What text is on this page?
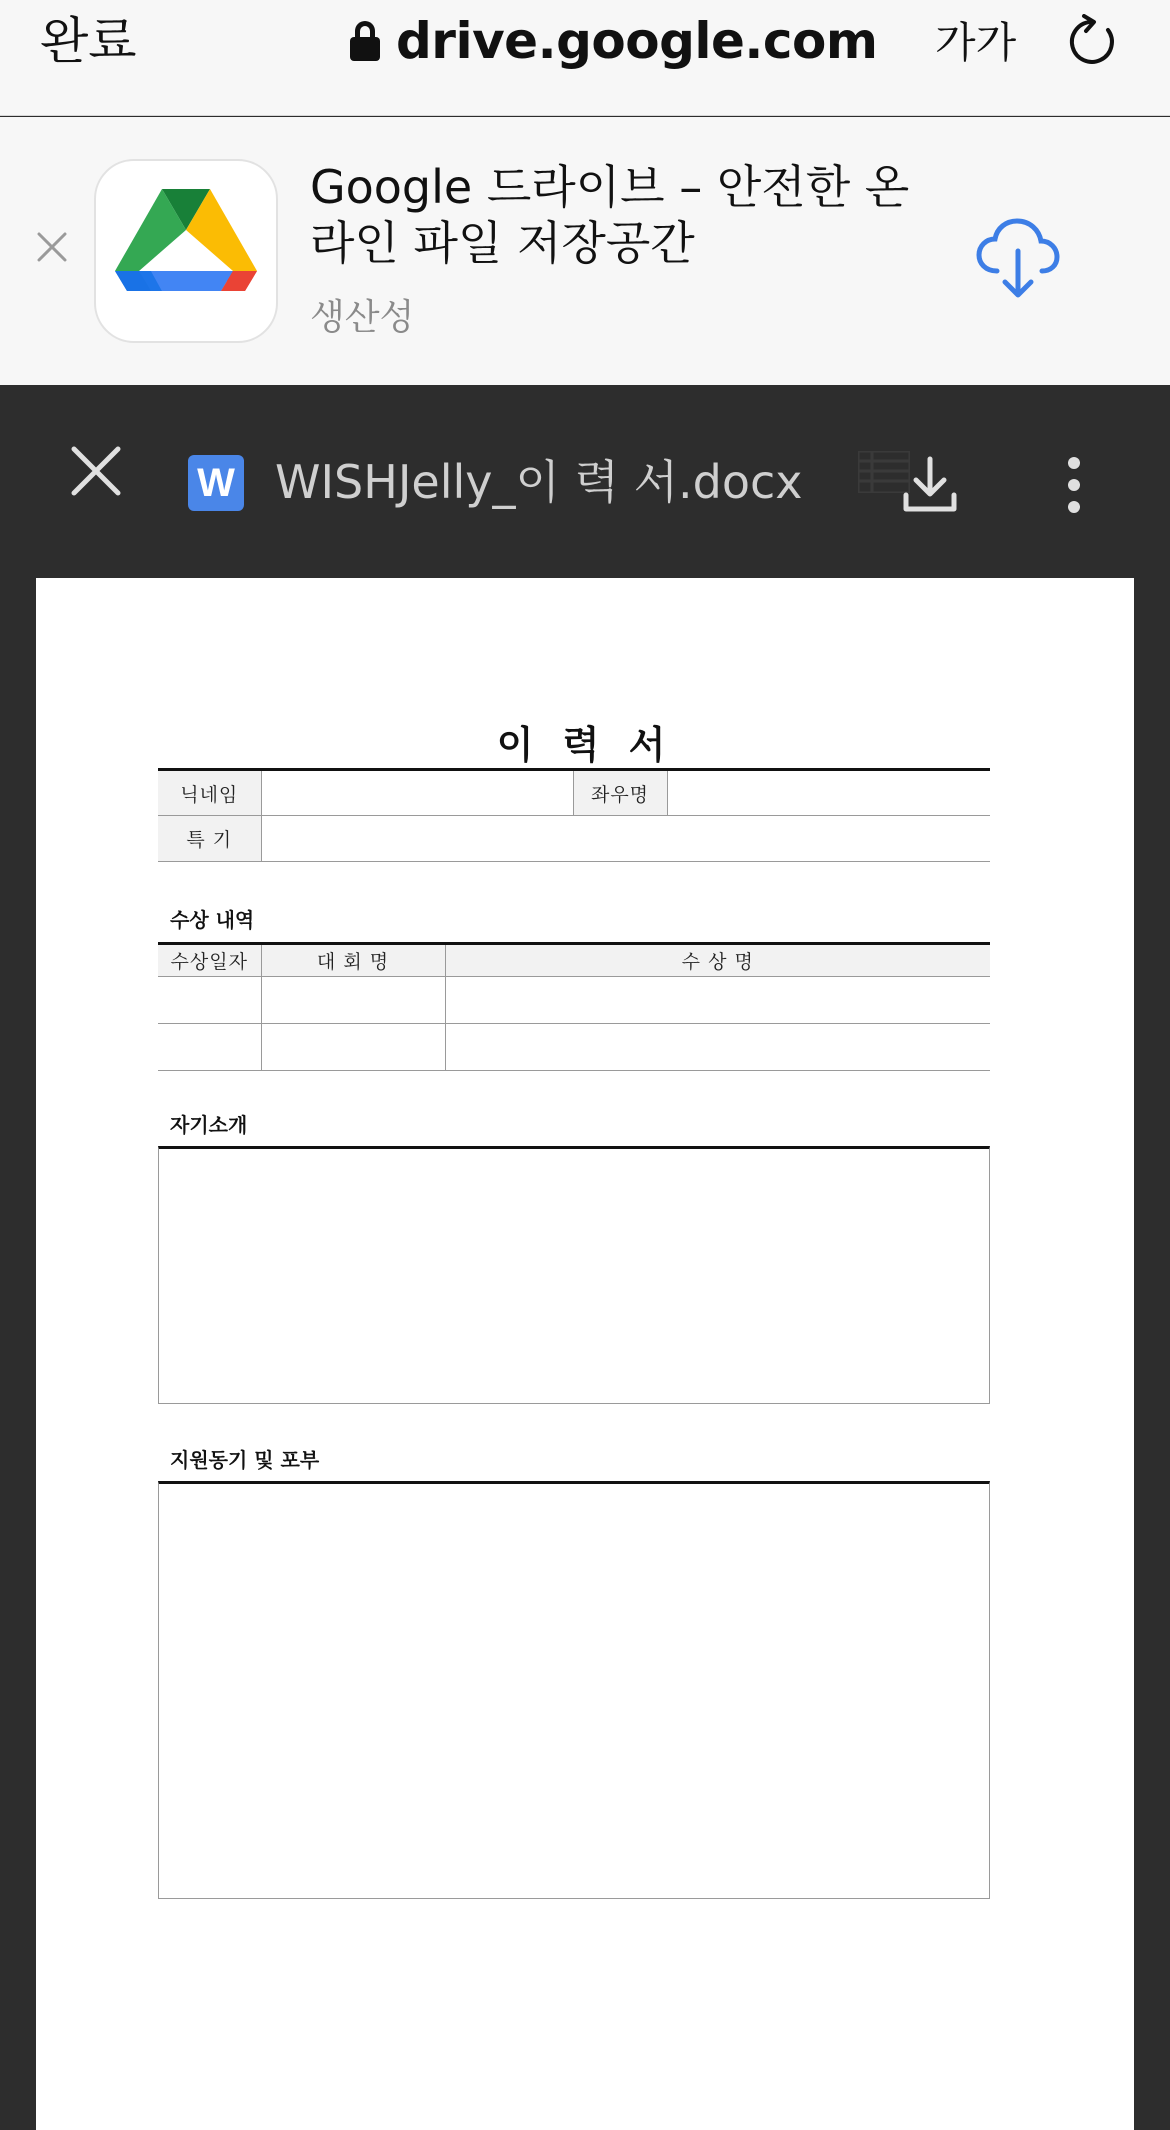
완료	drive.google.com 가가
Google 드라이브 – 안전한 온라인 파일 저장공간
생산성
W WISHJelly_이 력 서.docx
이 력 서
닉네임		좌우명	
특 기			
수상 내역
수상일자	대 회 명	수 상 명

자기소개
지원동기 및 포부
